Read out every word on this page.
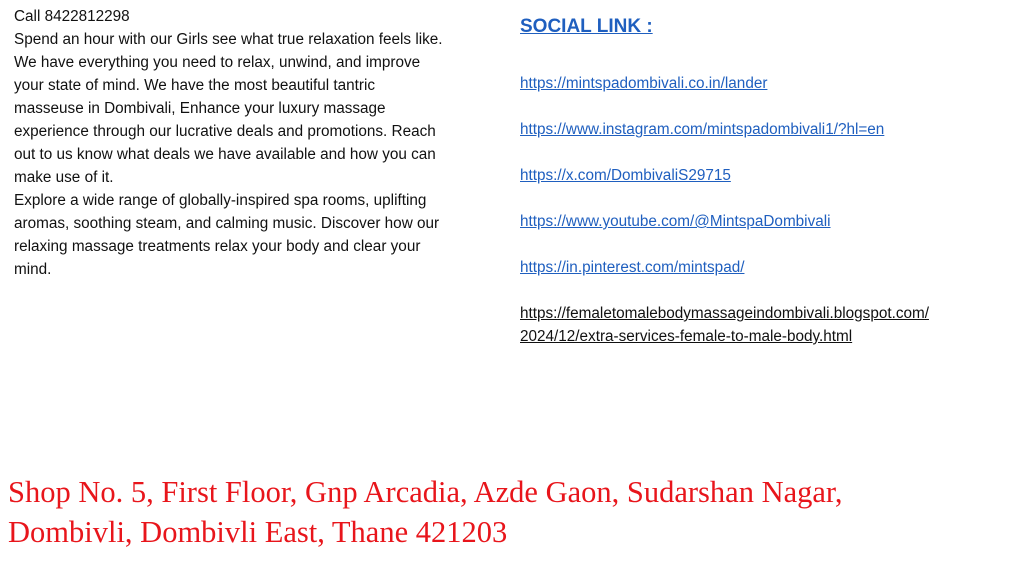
Call 8422812298
Spend an hour with our Girls see what true relaxation feels like.
We have everything you need to relax, unwind, and improve
your state of mind. We have the most beautiful tantric
masseuse in Dombivali, Enhance your luxury massage
experience through our lucrative deals and promotions. Reach
out to us know what deals we have available and how you can
make use of it.
Explore a wide range of globally-inspired spa rooms, uplifting
aromas, soothing steam, and calming music. Discover how our
relaxing massage treatments relax your body and clear your
mind.
SOCIAL LINK :
https://mintspadombivali.co.in/lander
https://www.instagram.com/mintspadombivali1/?hl=en
https://x.com/DombivaliS29715
https://www.youtube.com/@MintspaDombivali
https://in.pinterest.com/mintspad/
https://femaletomalebodymassageindombivali.blogspot.com/
2024/12/extra-services-female-to-male-body.html
Shop No. 5, First Floor, Gnp Arcadia, Azde Gaon, Sudarshan Nagar,
Dombivli, Dombivli East, Thane 421203
